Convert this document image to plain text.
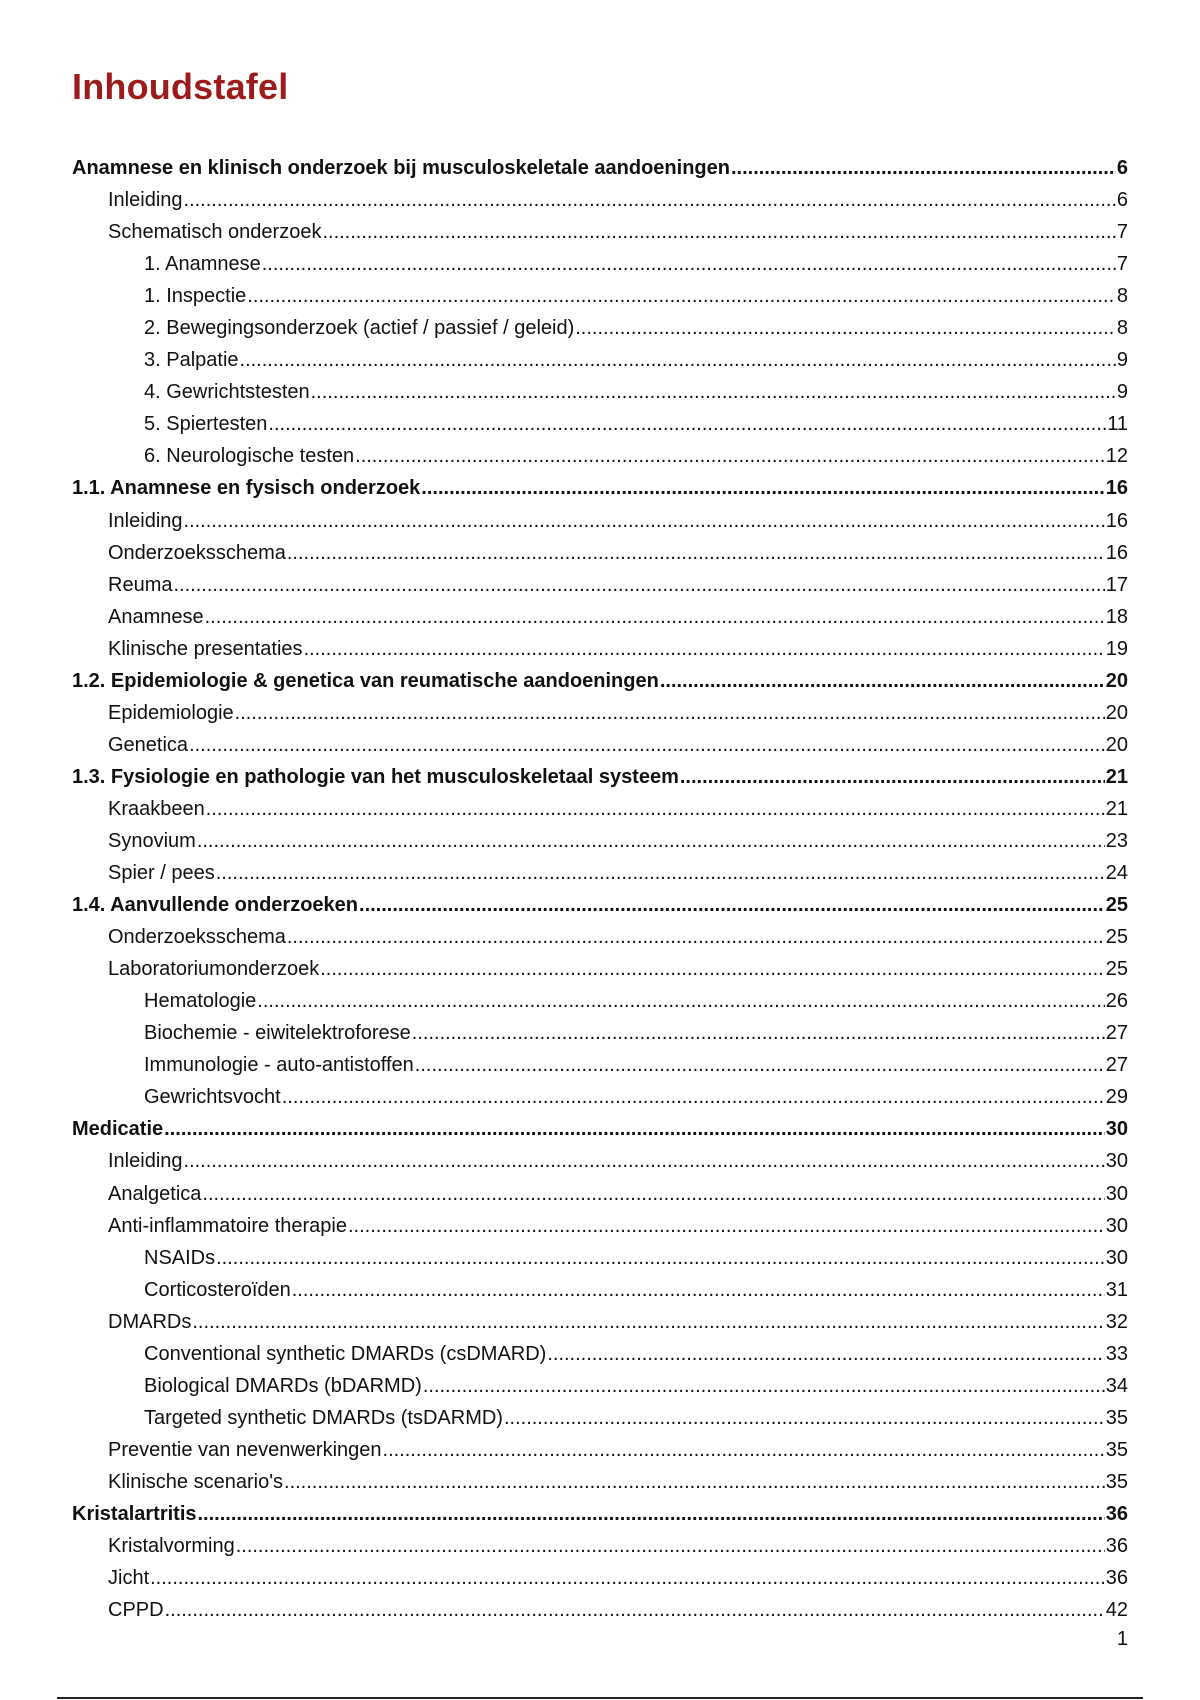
Inhoudstafel
Anamnese en klinisch onderzoek bij musculoskeletale aandoeningen .....	6
Inleiding .....	6
Schematisch onderzoek .....	7
1. Anamnese .....	7
1. Inspectie .....	8
2. Bewegingsonderzoek (actief / passief / geleid) .....	8
3. Palpatie .....	9
4. Gewrichtstesten .....	9
5. Spiertesten .....	11
6. Neurologische testen .....	12
1.1. Anamnese en fysisch onderzoek .....	16
Inleiding .....	16
Onderzoeksschema .....	16
Reuma .....	17
Anamnese .....	18
Klinische presentaties .....	19
1.2. Epidemiologie & genetica van reumatische aandoeningen .....	20
Epidemiologie .....	20
Genetica .....	20
1.3. Fysiologie en pathologie van het musculoskeletaal systeem .....	21
Kraakbeen .....	21
Synovium .....	23
Spier / pees .....	24
1.4. Aanvullende onderzoeken .....	25
Onderzoeksschema .....	25
Laboratoriumonderzoek .....	25
Hematologie .....	26
Biochemie - eiwitelektroforese .....	27
Immunologie - auto-antistoffen .....	27
Gewrichtsvocht .....	29
Medicatie .....	30
Inleiding .....	30
Analgetica .....	30
Anti-inflammatoire therapie .....	30
NSAIDs .....	30
Corticosteroïden .....	31
DMARDs .....	32
Conventional synthetic DMARDs (csDMARD) .....	33
Biological DMARDs (bDARMD) .....	34
Targeted synthetic DMARDs (tsDARMD) .....	35
Preventie van nevenwerkingen .....	35
Klinische scenario's .....	35
Kristalartritis .....	36
Kristalvorming .....	36
Jicht .....	36
CPPD .....	42
1
